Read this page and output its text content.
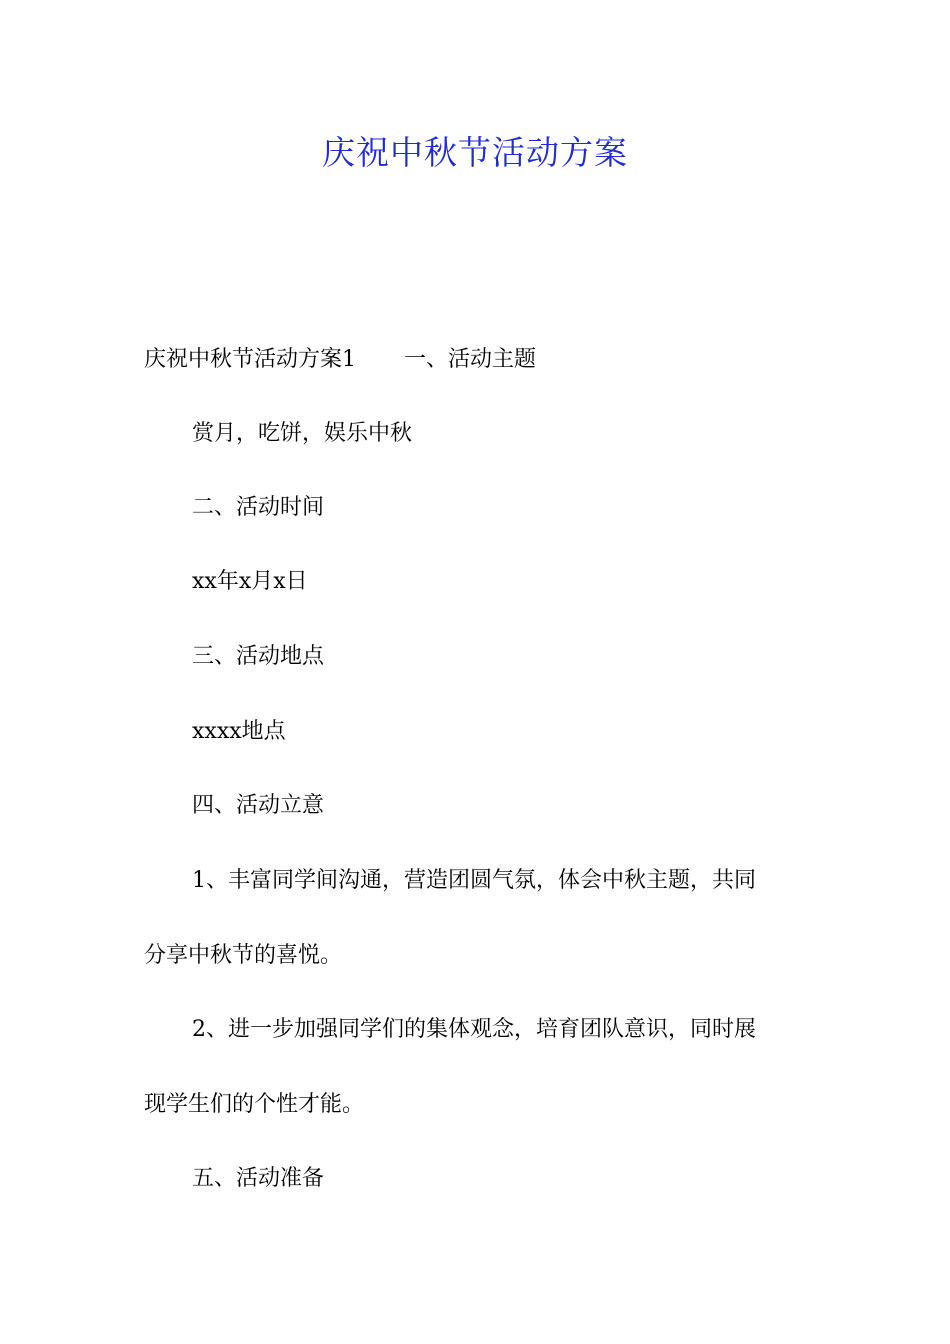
庆祝中秋节活动方案

庆祝中秋节活动方案1 一、活动主题

赏月，吃饼，娱乐中秋

二、活动时间

xx年x月x日

三、活动地点

xxxx地点

四、活动立意

1、丰富同学间沟通，营造团圆气氛，体会中秋主题，共同

分享中秋节的喜悦。

2、进一步加强同学们的集体观念，培育团队意识，同时展

现学生们的个性才能。

五、活动准备
